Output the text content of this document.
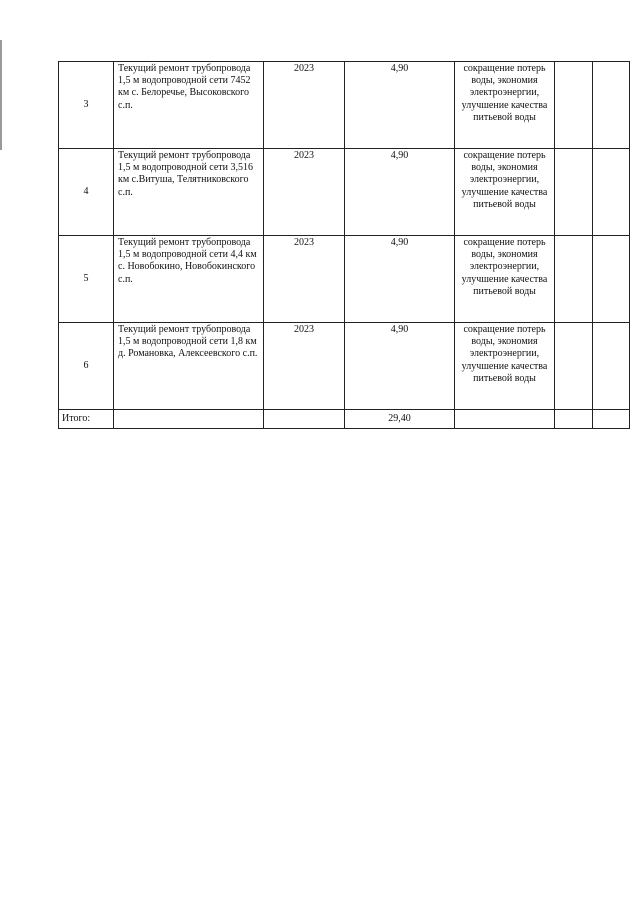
3	Текущий ремонт трубопровода 1,5 м водопроводной сети 7452 км с. Белоречье, Высоковского с.п.	2023	4,90	сокращение потерь воды, экономия электроэнергии, улучшение качества питьевой воды		
4	Текущий ремонт трубопровода 1,5 м водопроводной сети 3,516 км с.Витуша, Телятниковского с.п.	2023	4,90	сокращение потерь воды, экономия электроэнергии, улучшение качества питьевой воды		
5	Текущий ремонт трубопровода 1,5 м водопроводной сети 4,4 км с. Новобокино, Новобокинского с.п.	2023	4,90	сокращение потерь воды, экономия электроэнергии, улучшение качества питьевой воды		
6	Текущий ремонт трубопровода 1,5 м водопроводной сети 1,8 км д. Романовка, Алексеевского с.п.	2023	4,90	сокращение потерь воды, экономия электроэнергии, улучшение качества питьевой воды		
Итого:			29,40			
